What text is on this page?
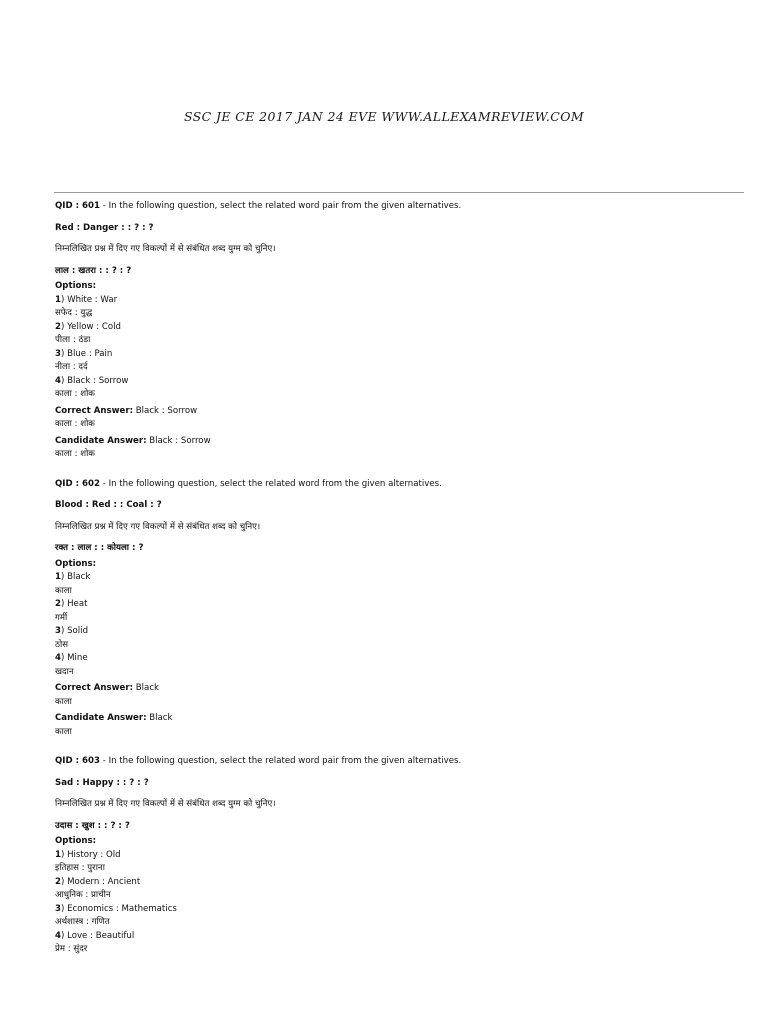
SSC JE CE 2017 JAN 24 EVE WWW.ALLEXAMREVIEW.COM
QID : 601 - In the following question, select the related word pair from the given alternatives.
Red : Danger : : ? : ?
निम्नलिखित प्रश्न में दिए गए विकल्पों में से संबंधित शब्द युग्म को चुनिए।
लाल : खतरा : : ? : ?
Options:
1) White : War
सफेद : युद्ध
2) Yellow : Cold
पीला : ठंडा
3) Blue : Pain
नीला : दर्द
4) Black : Sorrow
काला : शोक
Correct Answer: Black : Sorrow
काला : शोक
Candidate Answer: Black : Sorrow
काला : शोक
QID : 602 - In the following question, select the related word from the given alternatives.
Blood : Red : : Coal : ?
निम्नलिखित प्रश्न में दिए गए विकल्पों में से संबंधित शब्द को चुनिए।
रक्त : लाल : : कोयला : ?
Options:
1) Black
काला
2) Heat
गर्मी
3) Solid
ठोस
4) Mine
खदान
Correct Answer: Black
काला
Candidate Answer: Black
काला
QID : 603 - In the following question, select the related word pair from the given alternatives.
Sad : Happy : : ? : ?
निम्नलिखित प्रश्न में दिए गए विकल्पों में से संबंधित शब्द युग्म को चुनिए।
उदास : खुश : : ? : ?
Options:
1) History : Old
इतिहास : पुराना
2) Modern : Ancient
आधुनिक : प्राचीन
3) Economics : Mathematics
अर्थशास्त्र : गणित
4) Love : Beautiful
प्रेम : सुंदर
